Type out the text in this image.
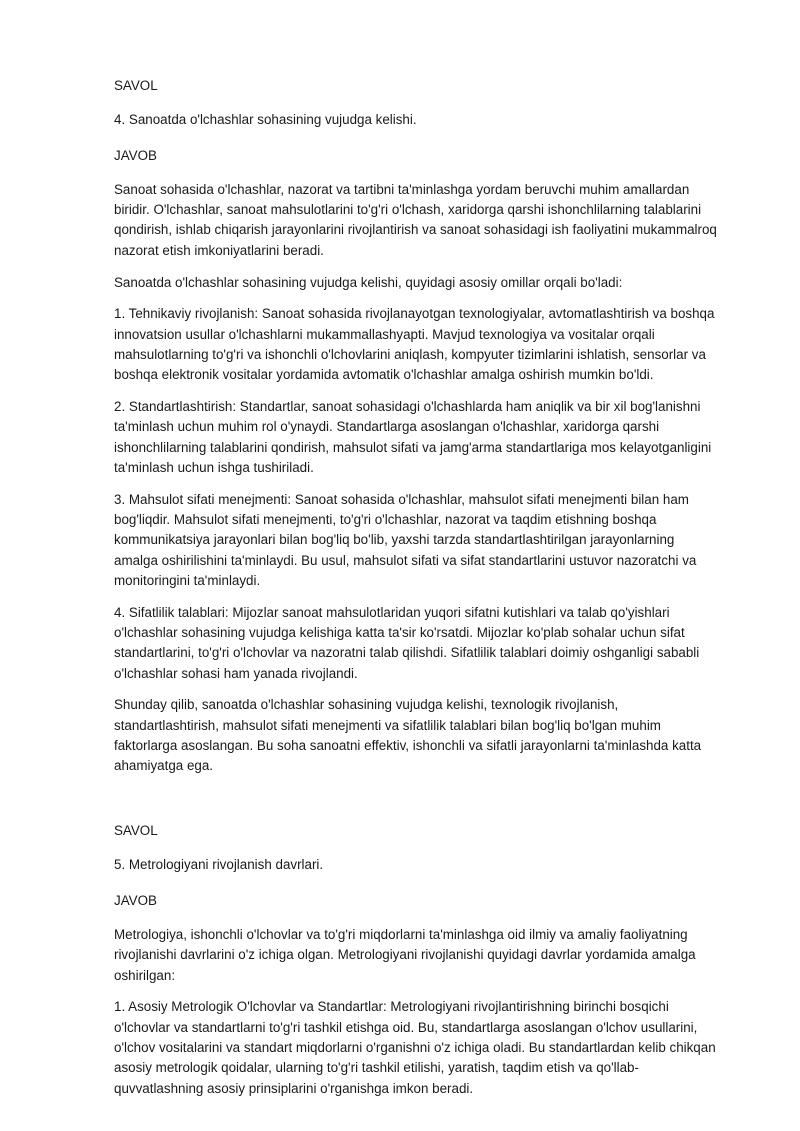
SAVOL

4. Sanoatda o'lchashlar sohasining vujudga kelishi.

JAVOB

Sanoat sohasida o'lchashlar, nazorat va tartibni ta'minlashga yordam beruvchi muhim amallardan biridir. O'lchashlar, sanoat mahsulotlarini to'g'ri o'lchash, xaridorga qarshi ishonchlilarning talablarini qondirish, ishlab chiqarish jarayonlarini rivojlantirish va sanoat sohasidagi ish faoliyatini mukammalroq nazorat etish imkoniyatlarini beradi.

Sanoatda o'lchashlar sohasining vujudga kelishi, quyidagi asosiy omillar orqali bo'ladi:

1. Tehnikaviy rivojlanish: Sanoat sohasida rivojlanayotgan texnologiyalar, avtomatlashtirish va boshqa innovatsion usullar o'lchashlarni mukammallashyapti. Mavjud texnologiya va vositalar orqali mahsulotlarning to'g'ri va ishonchli o'lchovlarini aniqlash, kompyuter tizimlarini ishlatish, sensorlar va boshqa elektronik vositalar yordamida avtomatik o'lchashlar amalga oshirish mumkin bo'ldi.

2. Standartlashtirish: Standartlar, sanoat sohasidagi o'lchashlarda ham aniqlik va bir xil bog'lanishni ta'minlash uchun muhim rol o'ynaydi. Standartlarga asoslangan o'lchashlar, xaridorga qarshi ishonchlilarning talablarini qondirish, mahsulot sifati va jamg'arma standartlariga mos kelayotganligini ta'minlash uchun ishga tushiriladi.

3. Mahsulot sifati menejmenti: Sanoat sohasida o'lchashlar, mahsulot sifati menejmenti bilan ham bog'liqdir. Mahsulot sifati menejmenti, to'g'ri o'lchashlar, nazorat va taqdim etishning boshqa kommunikatsiya jarayonlari bilan bog'liq bo'lib, yaxshi tarzda standartlashtirilgan jarayonlarning amalga oshirilishini ta'minlaydi. Bu usul, mahsulot sifati va sifat standartlarini ustuvor nazoratchi va monitoringini ta'minlaydi.

4. Sifatlilik talablari: Mijozlar sanoat mahsulotlaridan yuqori sifatni kutishlari va talab qo'yishlari o'lchashlar sohasining vujudga kelishiga katta ta'sir ko'rsatdi. Mijozlar ko'plab sohalar uchun sifat standartlarini, to'g'ri o'lchovlar va nazoratni talab qilishdi. Sifatlilik talablari doimiy oshganligi sababli o'lchashlar sohasi ham yanada rivojlandi.

Shunday qilib, sanoatda o'lchashlar sohasining vujudga kelishi, texnologik rivojlanish, standartlashtirish, mahsulot sifati menejmenti va sifatlilik talablari bilan bog'liq bo'lgan muhim faktorlarga asoslangan. Bu soha sanoatni effektiv, ishonchli va sifatli jarayonlarni ta'minlashda katta ahamiyatga ega.

SAVOL

5. Metrologiyani rivojlanish davrlari.

JAVOB

Metrologiya, ishonchli o'lchovlar va to'g'ri miqdorlarni ta'minlashga oid ilmiy va amaliy faoliyatning rivojlanishi davrlarini o'z ichiga olgan. Metrologiyani rivojlanishi quyidagi davrlar yordamida amalga oshirilgan:

1. Asosiy Metrologik O'lchovlar va Standartlar: Metrologiyani rivojlantirishning birinchi bosqichi o'lchovlar va standartlarni to'g'ri tashkil etishga oid. Bu, standartlarga asoslangan o'lchov usullarini, o'lchov vositalarini va standart miqdorlarni o'rganishni o'z ichiga oladi. Bu standartlardan kelib chikqan asosiy metrologik qoidalar, ularning to'g'ri tashkil etilishi, yaratish, taqdim etish va qo'llab-quvvatlashning asosiy prinsiplarini o'rganishga imkon beradi.
